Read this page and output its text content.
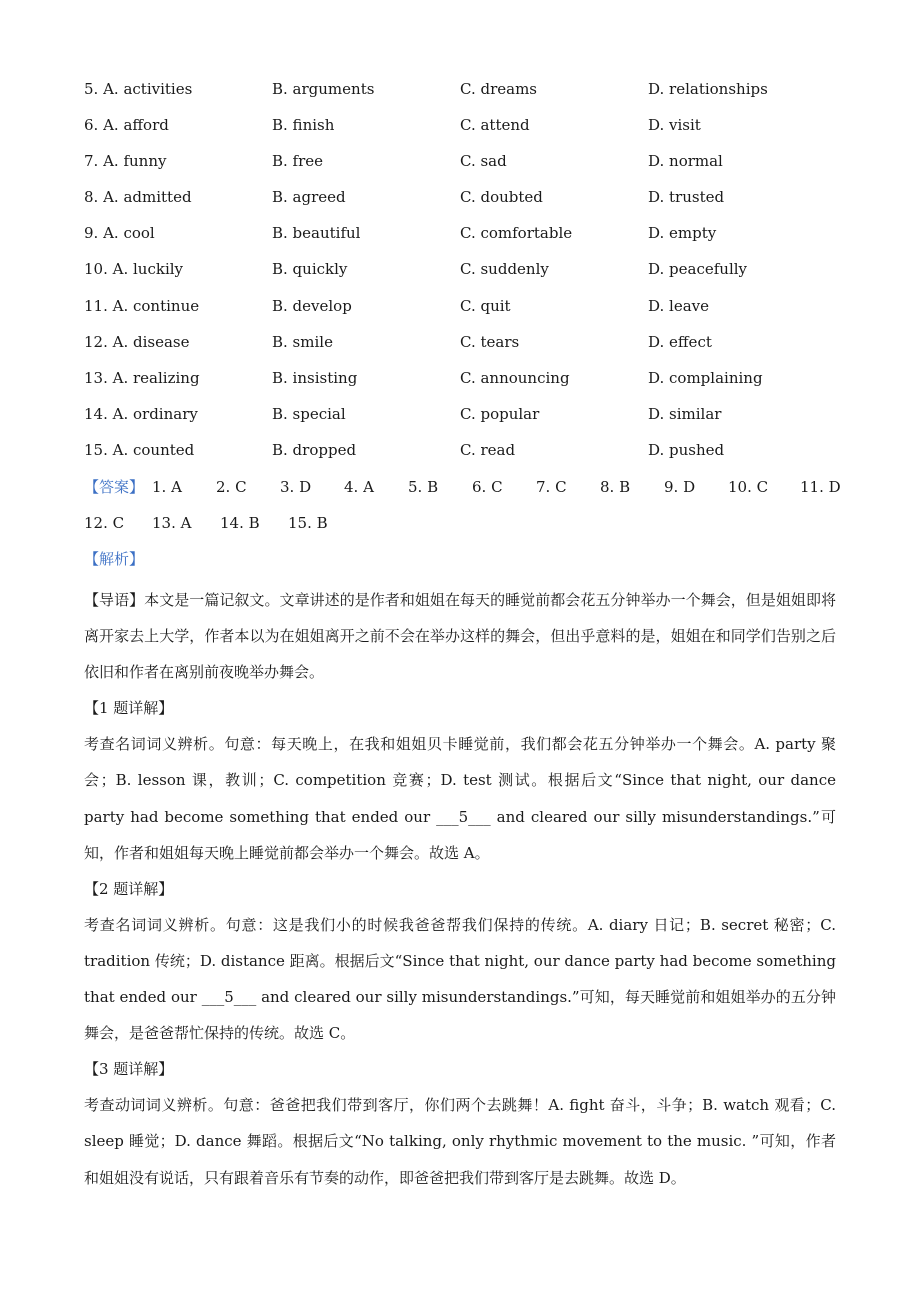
5. A. activities	B. arguments	C. dreams	D. relationships
6. A. afford	B. finish	C. attend	D. visit
7. A. funny	B. free	C. sad	D. normal
8. A. admitted	B. agreed	C. doubted	D. trusted
9. A. cool	B. beautiful	C. comfortable	D. empty
10. A. luckily	B. quickly	C. suddenly	D. peacefully
11. A. continue	B. develop	C. quit	D. leave
12. A. disease	B. smile	C. tears	D. effect
13. A. realizing	B. insisting	C. announcing	D. complaining
14. A. ordinary	B. special	C. popular	D. similar
15. A. counted	B. dropped	C. read	D. pushed
【答案】 1. A 2. C 3. D 4. A 5. B 6. C 7. C 8. B 9. D 10. C 11. D
12. C 13. A 14. B 15. B
【解析】

【导语】本文是一篇记叙文。文章讲述的是作者和姐姐在每天的睡觉前都会花五分钟举办一个舞会，但是姐姐即将离开家去上大学，作者本以为在姐姐离开之前不会在举办这样的舞会，但出乎意料的是，姐姐在和同学们告别之后依旧和作者在离别前夜晚举办舞会。

【1 题详解】

考查名词词义辨析。句意：每天晚上，在我和姐姐贝卡睡觉前，我们都会花五分钟举办一个舞会。A. party 聚会；B. lesson 课，教训；C. competition 竞赛；D. test 测试。根据后文“Since that night, our dance party had become something that ended our ___5___ and cleared our silly misunderstandings.”可知，作者和姐姐每天晚上睡觉前都会举办一个舞会。故选 A。

【2 题详解】

考查名词词义辨析。句意：这是我们小的时候我爸爸帮我们保持的传统。A. diary 日记；B. secret 秘密；C. tradition 传统；D. distance 距离。根据后文“Since that night, our dance party had become something that ended our ___5___ and cleared our silly misunderstandings.”可知，每天睡觉前和姐姐举办的五分钟舞会，是爸爸帮忙保持的传统。故选 C。

【3 题详解】

考查动词词义辨析。句意：爸爸把我们带到客厅，你们两个去跳舞！A. fight 奋斗，斗争；B. watch 观看；C. sleep 睡觉；D. dance 舞蹈。根据后文“No talking, only rhythmic movement to the music. ”可知，作者和姐姐没有说话，只有跟着音乐有节奏的动作，即爸爸把我们带到客厅是去跳舞。故选 D。
